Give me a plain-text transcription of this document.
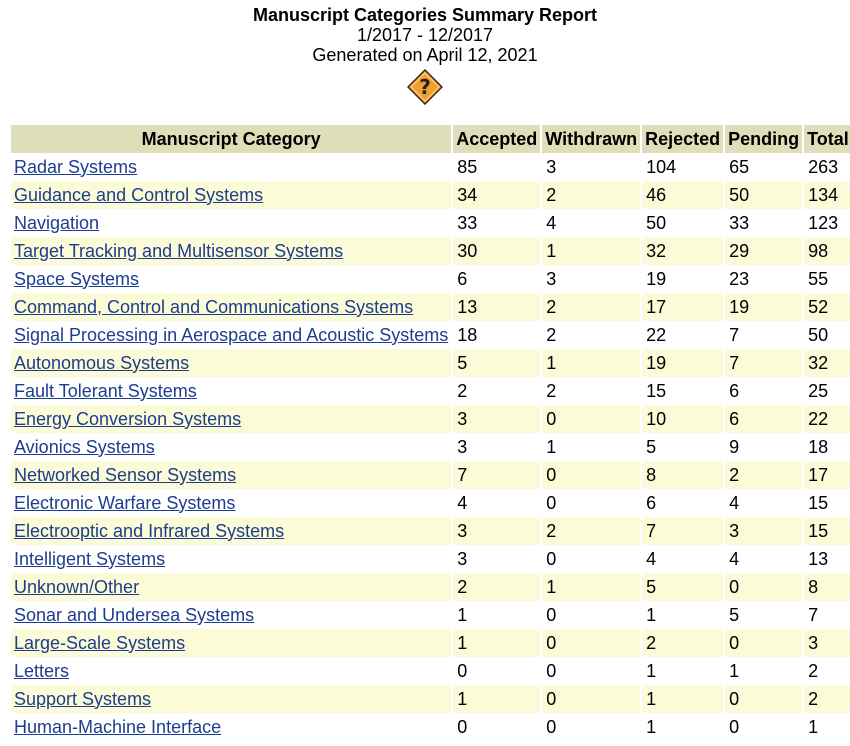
Manuscript Categories Summary Report
1/2017 - 12/2017
Generated on April 12, 2021
?
Manuscript Category	Accepted	Withdrawn	Rejected	Pending	Total
Radar Systems	85	3	104	65	263
Guidance and Control Systems	34	2	46	50	134
Navigation	33	4	50	33	123
Target Tracking and Multisensor Systems	30	1	32	29	98
Space Systems	6	3	19	23	55
Command, Control and Communications Systems	13	2	17	19	52
Signal Processing in Aerospace and Acoustic Systems	18	2	22	7	50
Autonomous Systems	5	1	19	7	32
Fault Tolerant Systems	2	2	15	6	25
Energy Conversion Systems	3	0	10	6	22
Avionics Systems	3	1	5	9	18
Networked Sensor Systems	7	0	8	2	17
Electronic Warfare Systems	4	0	6	4	15
Electrooptic and Infrared Systems	3	2	7	3	15
Intelligent Systems	3	0	4	4	13
Unknown/Other	2	1	5	0	8
Sonar and Undersea Systems	1	0	1	5	7
Large-Scale Systems	1	0	2	0	3
Letters	0	0	1	1	2
Support Systems	1	0	1	0	2
Human-Machine Interface	0	0	1	0	1
